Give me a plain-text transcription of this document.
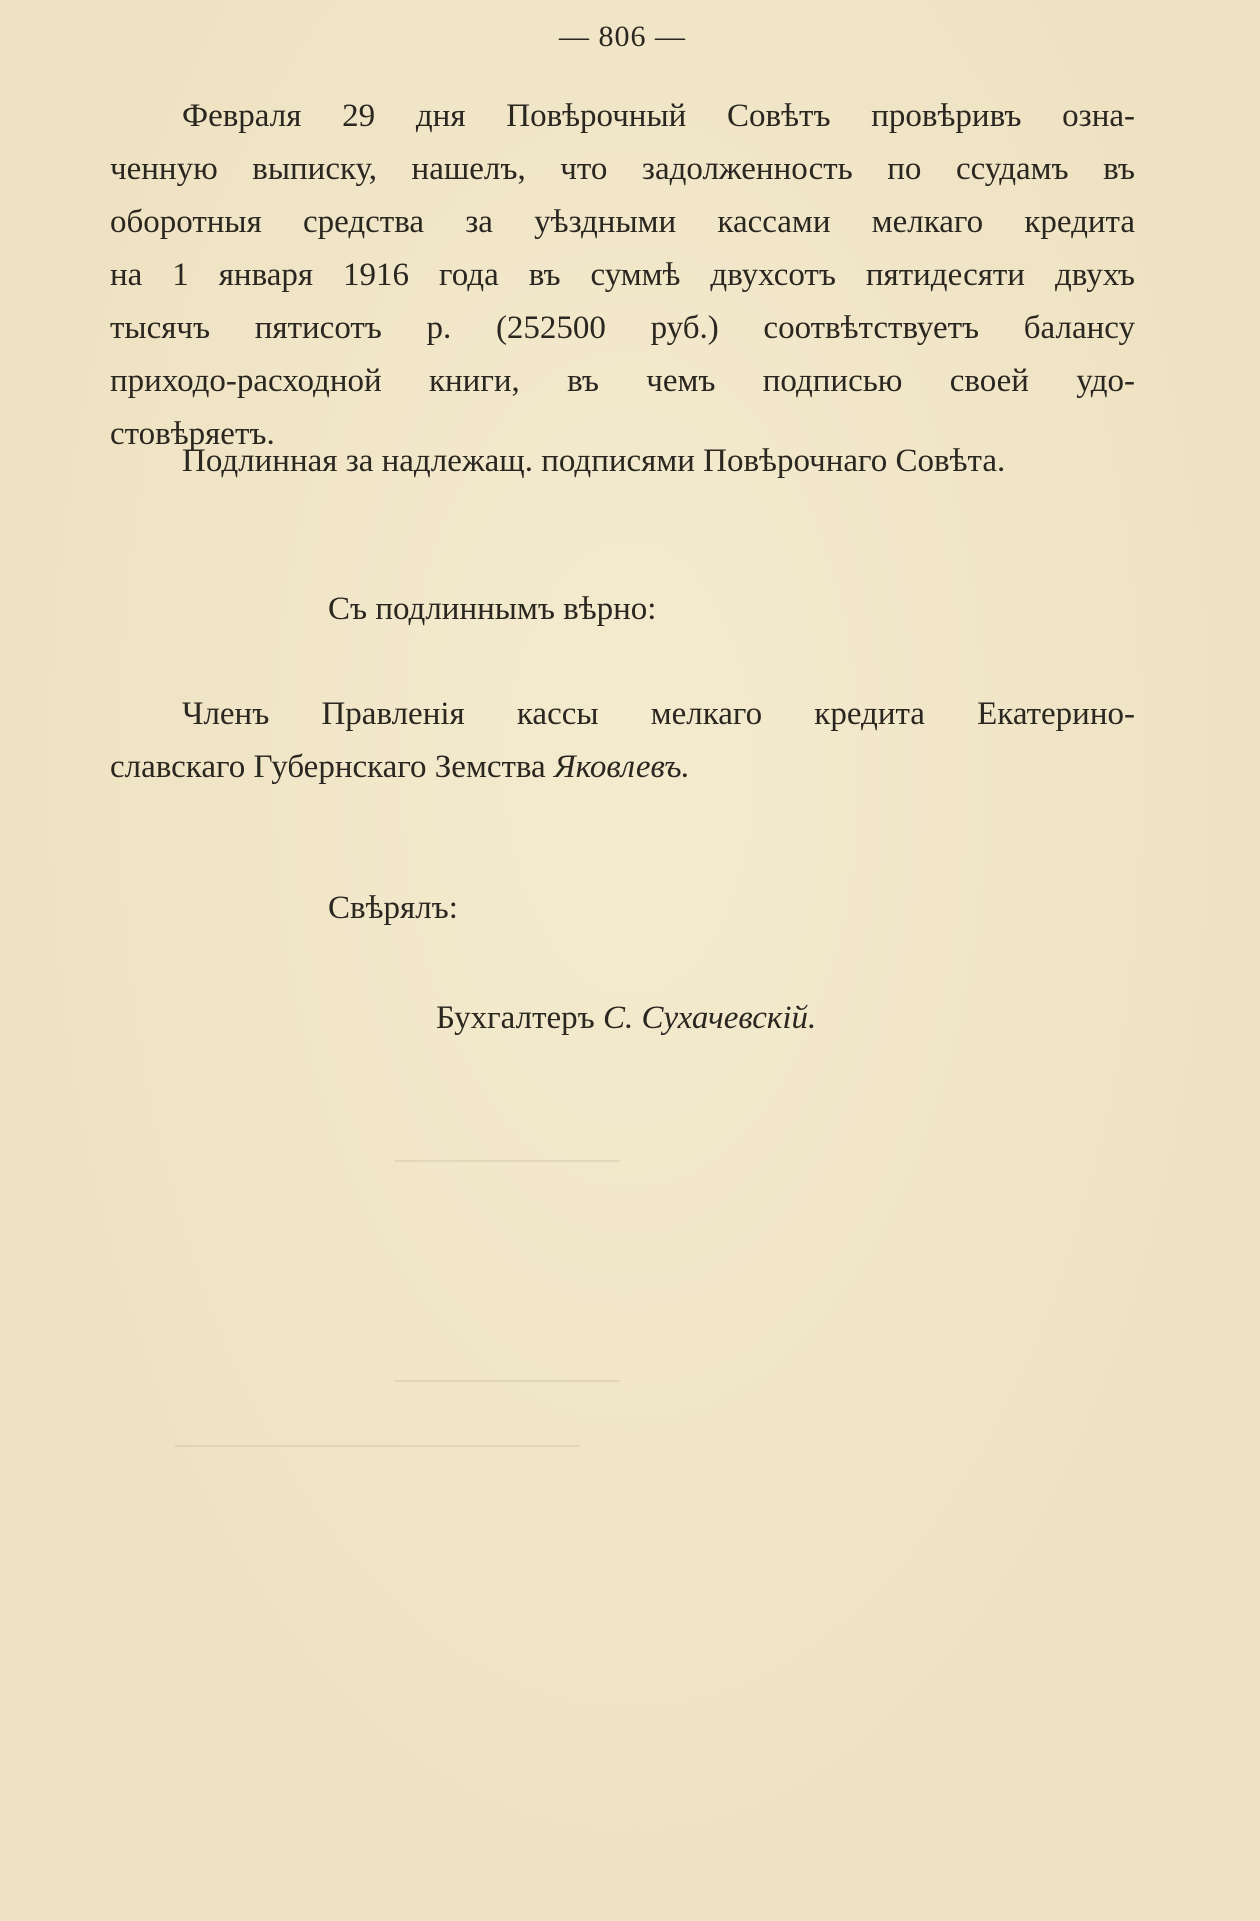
— 806 —
Февраля 29 дня Повѣрочный Совѣтъ провѣривъ озна-
ченную выписку, нашелъ, что задолженность по ссудамъ въ
оборотныя средства за уѣздными кассами мелкаго кредита
на 1 января 1916 года въ суммѣ двухсотъ пятидесяти двухъ
тысячъ пятисотъ р. (252500 руб.) соотвѣтствуетъ балансу
приходо-расходной книги, въ чемъ подписью своей удо-
стовѣряетъ.
Подлинная за надлежащ. подписями Повѣрочнаго Совѣта.
Съ подлиннымъ вѣрно:
Членъ Правленія кассы мелкаго кредита Екатерино-
славскаго Губернскаго Земства Яковлевъ.
Свѣрялъ:
Бухгалтеръ С. Сухачевскій.
